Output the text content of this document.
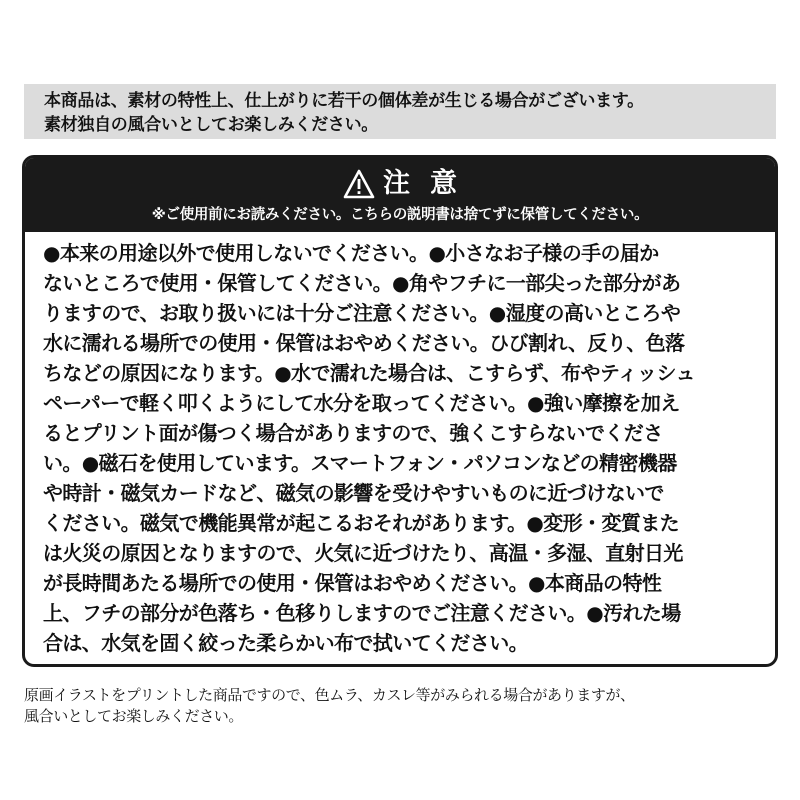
本商品は、素材の特性上、仕上がりに若干の個体差が生じる場合がございます。
素材独自の風合いとしてお楽しみください。
注意
※ご使用前にお読みください。こちらの説明書は捨てずに保管してください。
●本来の用途以外で使用しないでください。●小さなお子様の手の届か
ないところで使用・保管してください。●角やフチに一部尖った部分があ
りますので、お取り扱いには十分ご注意ください。●湿度の高いところや
水に濡れる場所での使用・保管はおやめください。ひび割れ、反り、色落
ちなどの原因になります。●水で濡れた場合は、こすらず、布やティッシュ
ペーパーで軽く叩くようにして水分を取ってください。●強い摩擦を加え
るとプリント面が傷つく場合がありますので、強くこすらないでくださ
い。●磁石を使用しています。スマートフォン・パソコンなどの精密機器
や時計・磁気カードなど、磁気の影響を受けやすいものに近づけないで
ください。磁気で機能異常が起こるおそれがあります。●変形・変質また
は火災の原因となりますので、火気に近づけたり、高温・多湿、直射日光
が長時間あたる場所での使用・保管はおやめください。●本商品の特性
上、フチの部分が色落ち・色移りしますのでご注意ください。●汚れた場
合は、水気を固く絞った柔らかい布で拭いてください。
原画イラストをプリントした商品ですので、色ムラ、カスレ等がみられる場合がありますが、
風合いとしてお楽しみください。
